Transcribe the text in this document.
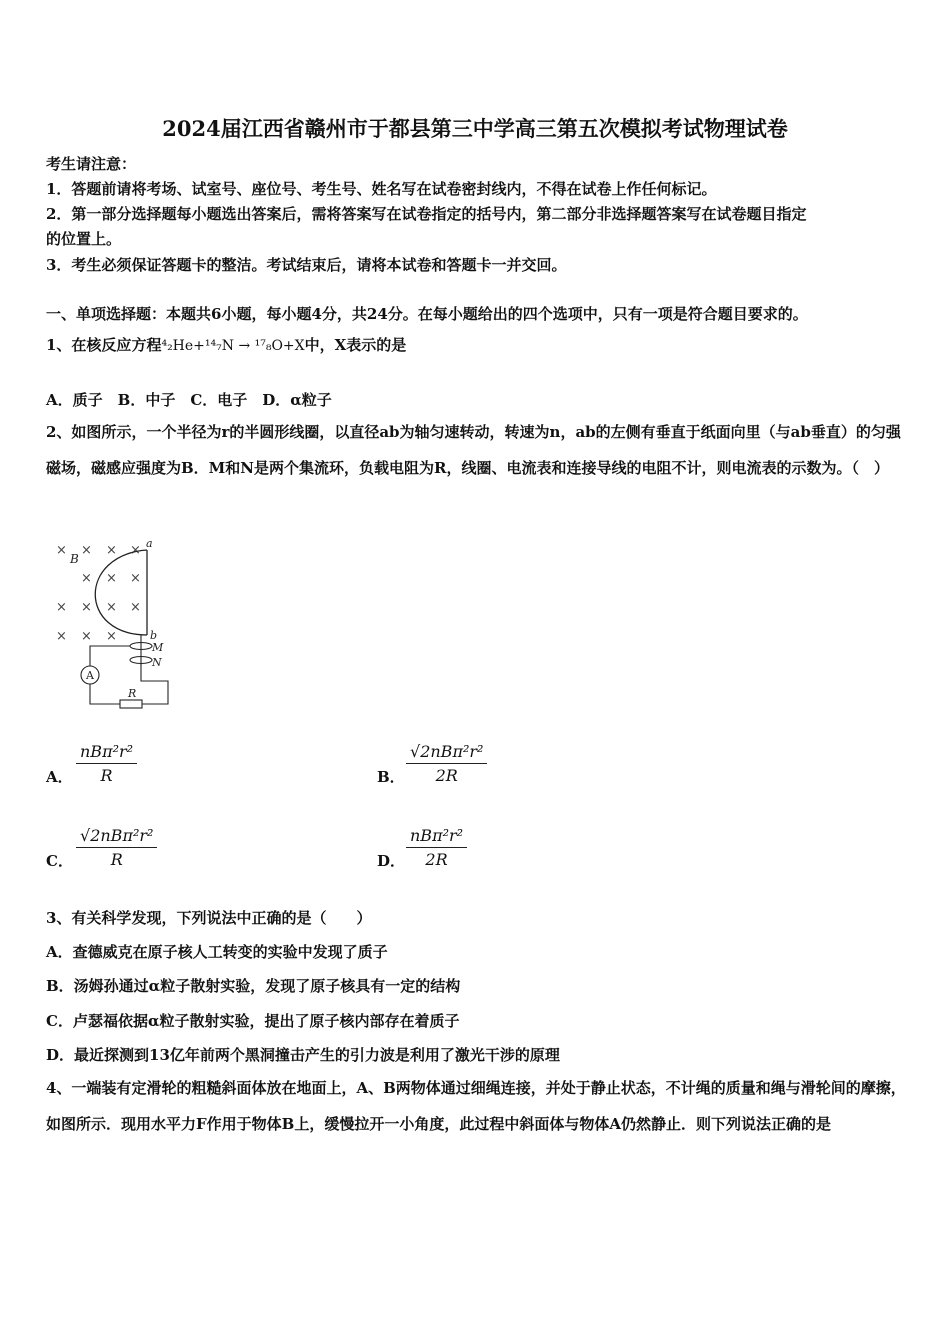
2024届江西省赣州市于都县第三中学高三第五次模拟考试物理试卷
考生请注意：
1．答题前请将考场、试室号、座位号、考生号、姓名写在试卷密封线内，不得在试卷上作任何标记。
2．第一部分选择题每小题选出答案后，需将答案写在试卷指定的括号内，第二部分非选择题答案写在试卷题目指定
的位置上。
3．考生必须保证答题卡的整洁。考试结束后，请将本试卷和答题卡一并交回。
一、单项选择题：本题共6小题，每小题4分，共24分。在每小题给出的四个选项中，只有一项是符合题目要求的。
1、在核反应方程⁴₂He+¹⁴₇N → ¹⁷₈O+X中，X表示的是
A．质子　B．中子　C．电子　D．α粒子
2、如图所示，一个半径为r的半圆形线圈，以直径ab为轴匀速转动，转速为n，ab的左侧有垂直于纸面向里（与ab垂直）的匀强磁场，磁感应强度为B．M和N是两个集流环，负载电阻为R，线圈、电流表和连接导线的电阻不计，则电流表的示数为。（　）
× × × ×
× × ×
× × × ×
× × ×
B
a
b
M
N
A
R
A．
nBπ²r²
R	B．
√2nBπ²r²
2R
C．
√2nBπ²r²
R	D．
nBπ²r²
2R
3、有关科学发现，下列说法中正确的是（　　）
A．查德威克在原子核人工转变的实验中发现了质子
B．汤姆孙通过α粒子散射实验，发现了原子核具有一定的结构
C．卢瑟福依据α粒子散射实验，提出了原子核内部存在着质子
D．最近探测到13亿年前两个黑洞撞击产生的引力波是利用了激光干涉的原理
4、一端装有定滑轮的粗糙斜面体放在地面上，A、B两物体通过细绳连接，并处于静止状态，不计绳的质量和绳与滑轮间的摩擦，如图所示．现用水平力F作用于物体B上，缓慢拉开一小角度，此过程中斜面体与物体A仍然静止．则下列说法正确的是
